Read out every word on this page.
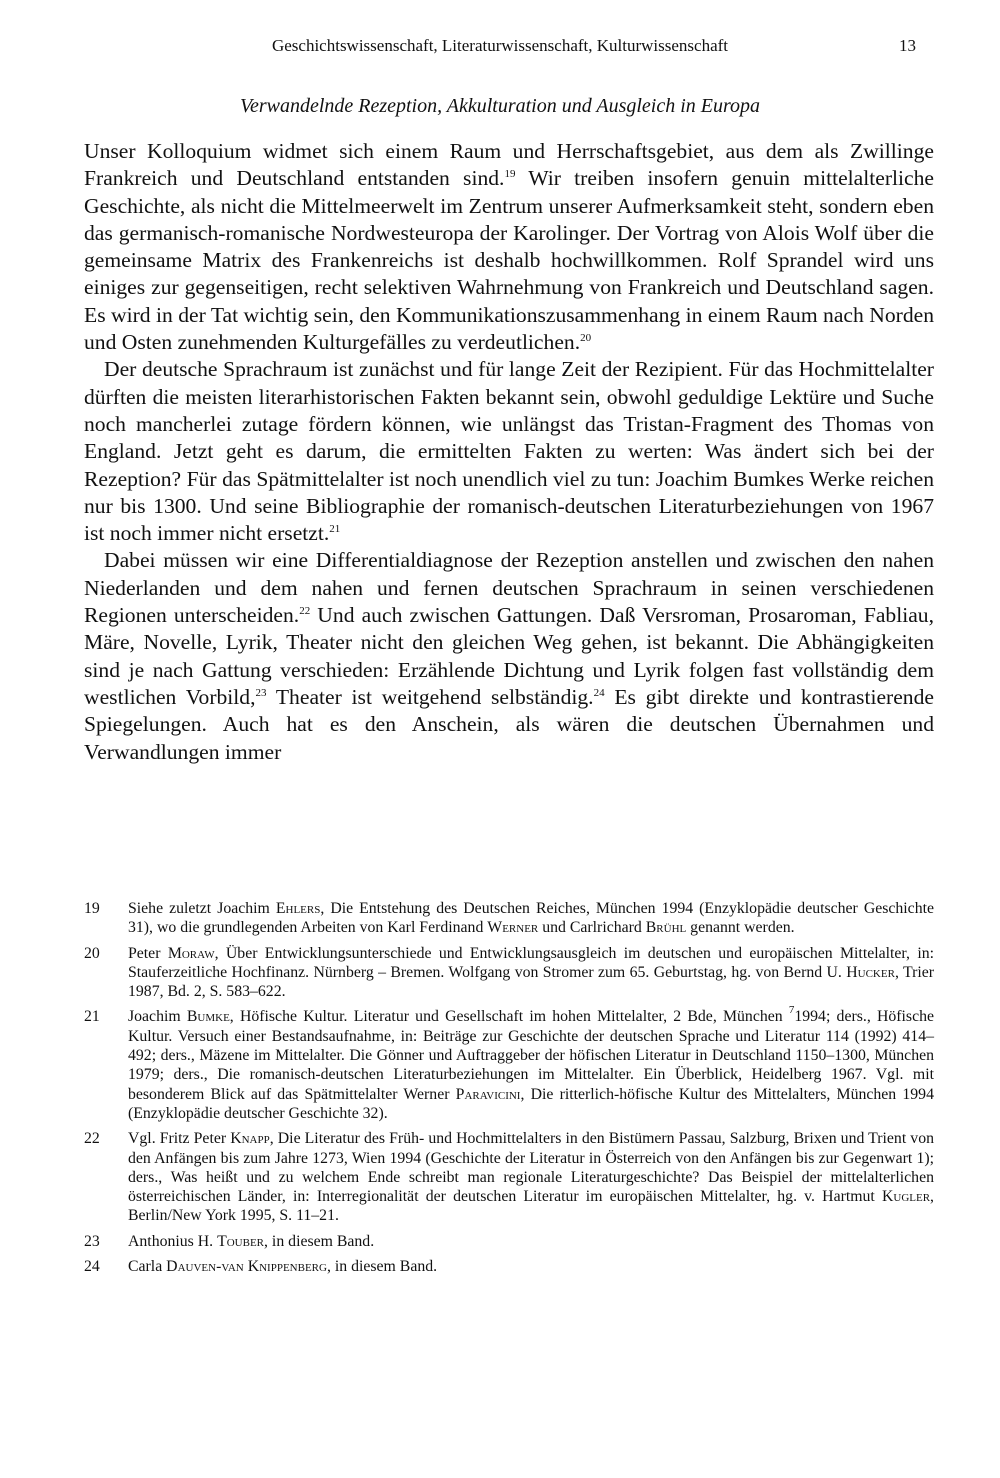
Geschichtswissenschaft, Literaturwissenschaft, Kulturwissenschaft	13
Verwandelnde Rezeption, Akkulturation und Ausgleich in Europa

Unser Kolloquium widmet sich einem Raum und Herrschaftsgebiet, aus dem als Zwillinge Frankreich und Deutschland entstanden sind.$^{19}$ Wir treiben insofern genuin mittelalterliche Geschichte, als nicht die Mittelmeerwelt im Zentrum unserer Aufmerksamkeit steht, sondern eben das germanisch-romanische Nordwesteuropa der Karolinger. Der Vortrag von Alois Wolf über die gemeinsame Matrix des Frankenreichs ist deshalb hochwillkommen. Rolf Sprandel wird uns einiges zur gegenseitigen, recht selektiven Wahrnehmung von Frankreich und Deutschland sagen. Es wird in der Tat wichtig sein, den Kommunikationszusammenhang in einem Raum nach Norden und Osten zunehmenden Kulturgefälles zu verdeutlichen.$^{20}$

Der deutsche Sprachraum ist zunächst und für lange Zeit der Rezipient. Für das Hochmittelalter dürften die meisten literarhistorischen Fakten bekannt sein, obwohl geduldige Lektüre und Suche noch mancherlei zutage fördern können, wie unlängst das Tristan-Fragment des Thomas von England. Jetzt geht es darum, die ermittelten Fakten zu werten: Was ändert sich bei der Rezeption? Für das Spätmittelalter ist noch unendlich viel zu tun: Joachim Bumkes Werke reichen nur bis 1300. Und seine Bibliographie der romanisch-deutschen Literaturbeziehungen von 1967 ist noch immer nicht ersetzt.$^{21}$

Dabei müssen wir eine Differentialdiagnose der Rezeption anstellen und zwischen den nahen Niederlanden und dem nahen und fernen deutschen Sprachraum in seinen verschiedenen Regionen unterscheiden.$^{22}$ Und auch zwischen Gattungen. Daß Versroman, Prosaroman, Fabliau, Märe, Novelle, Lyrik, Theater nicht den gleichen Weg gehen, ist bekannt. Die Abhängigkeiten sind je nach Gattung verschieden: Erzählende Dichtung und Lyrik folgen fast vollständig dem westlichen Vorbild,$^{23}$ Theater ist weitgehend selbständig.$^{24}$ Es gibt direkte und kontrastierende Spiegelungen. Auch hat es den Anschein, als wären die deutschen Übernahmen und Verwandlungen immer

19 Siehe zuletzt Joachim Ehlers, Die Entstehung des Deutschen Reiches, München 1994 (Enzyklopädie deutscher Geschichte 31), wo die grundlegenden Arbeiten von Karl Ferdinand Werner und Carlrichard Brühl genannt werden.
20 Peter Moraw, Über Entwicklungsunterschiede und Entwicklungsausgleich im deutschen und europäischen Mittelalter, in: Stauferzeitliche Hochfinanz. Nürnberg – Bremen. Wolfgang von Stromer zum 65. Geburtstag, hg. von Bernd U. Hucker, Trier 1987, Bd. 2, S. 583–622.
21 Joachim Bumke, Höfische Kultur. Literatur und Gesellschaft im hohen Mittelalter, 2 Bde, München $^7$1994; ders., Höfische Kultur. Versuch einer Bestandsaufnahme, in: Beiträge zur Geschichte der deutschen Sprache und Literatur 114 (1992) 414–492; ders., Mäzene im Mittelalter. Die Gönner und Auftraggeber der höfischen Literatur in Deutschland 1150–1300, München 1979; ders., Die romanisch-deutschen Literaturbeziehungen im Mittelalter. Ein Überblick, Heidelberg 1967. Vgl. mit besonderem Blick auf das Spätmittelalter Werner Paravicini, Die ritterlich-höfische Kultur des Mittelalters, München 1994 (Enzyklopädie deutscher Geschichte 32).
22 Vgl. Fritz Peter Knapp, Die Literatur des Früh- und Hochmittelalters in den Bistümern Passau, Salzburg, Brixen und Trient von den Anfängen bis zum Jahre 1273, Wien 1994 (Geschichte der Literatur in Österreich von den Anfängen bis zur Gegenwart 1); ders., Was heißt und zu welchem Ende schreibt man regionale Literaturgeschichte? Das Beispiel der mittelalterlichen österreichischen Länder, in: Interregionalität der deutschen Literatur im europäischen Mittelalter, hg. v. Hartmut Kugler, Berlin/New York 1995, S. 11–21.
23 Anthonius H. Touber, in diesem Band.
24 Carla Dauven-van Knippenberg, in diesem Band.
